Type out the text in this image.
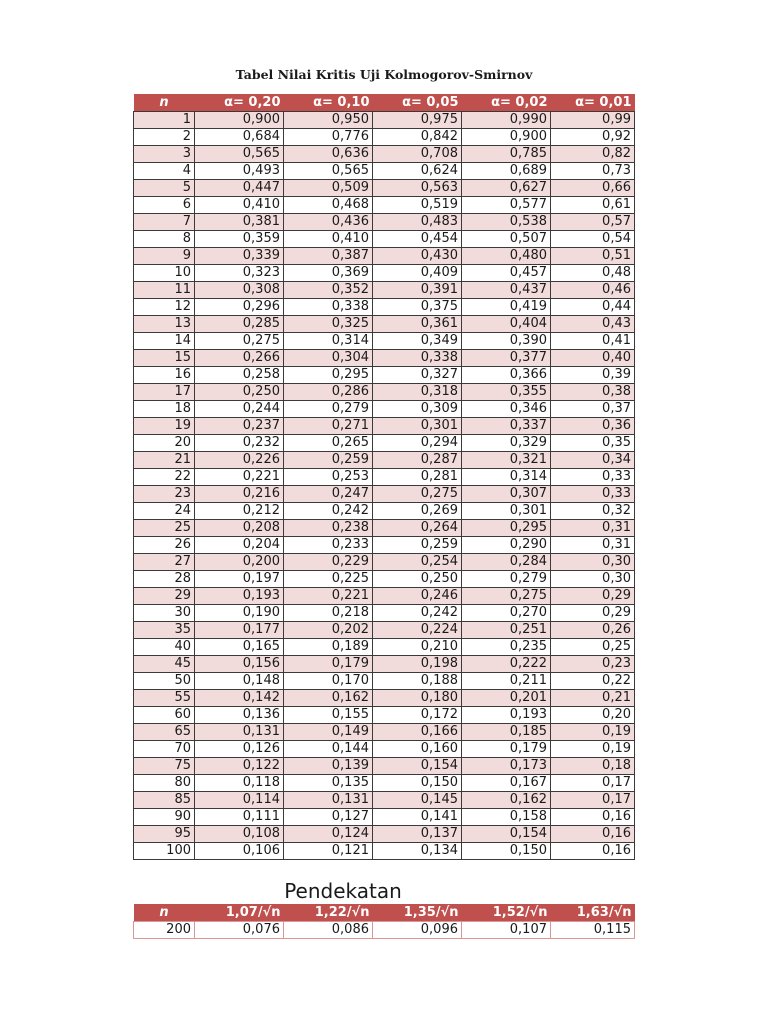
Tabel Nilai Kritis Uji Kolmogorov-Smirnov
n	α= 0,20	α= 0,10	α= 0,05	α= 0,02	α= 0,01
1	0,900	0,950	0,975	0,990	0,99
2	0,684	0,776	0,842	0,900	0,92
3	0,565	0,636	0,708	0,785	0,82
4	0,493	0,565	0,624	0,689	0,73
5	0,447	0,509	0,563	0,627	0,66
6	0,410	0,468	0,519	0,577	0,61
7	0,381	0,436	0,483	0,538	0,57
8	0,359	0,410	0,454	0,507	0,54
9	0,339	0,387	0,430	0,480	0,51
10	0,323	0,369	0,409	0,457	0,48
11	0,308	0,352	0,391	0,437	0,46
12	0,296	0,338	0,375	0,419	0,44
13	0,285	0,325	0,361	0,404	0,43
14	0,275	0,314	0,349	0,390	0,41
15	0,266	0,304	0,338	0,377	0,40
16	0,258	0,295	0,327	0,366	0,39
17	0,250	0,286	0,318	0,355	0,38
18	0,244	0,279	0,309	0,346	0,37
19	0,237	0,271	0,301	0,337	0,36
20	0,232	0,265	0,294	0,329	0,35
21	0,226	0,259	0,287	0,321	0,34
22	0,221	0,253	0,281	0,314	0,33
23	0,216	0,247	0,275	0,307	0,33
24	0,212	0,242	0,269	0,301	0,32
25	0,208	0,238	0,264	0,295	0,31
26	0,204	0,233	0,259	0,290	0,31
27	0,200	0,229	0,254	0,284	0,30
28	0,197	0,225	0,250	0,279	0,30
29	0,193	0,221	0,246	0,275	0,29
30	0,190	0,218	0,242	0,270	0,29
35	0,177	0,202	0,224	0,251	0,26
40	0,165	0,189	0,210	0,235	0,25
45	0,156	0,179	0,198	0,222	0,23
50	0,148	0,170	0,188	0,211	0,22
55	0,142	0,162	0,180	0,201	0,21
60	0,136	0,155	0,172	0,193	0,20
65	0,131	0,149	0,166	0,185	0,19
70	0,126	0,144	0,160	0,179	0,19
75	0,122	0,139	0,154	0,173	0,18
80	0,118	0,135	0,150	0,167	0,17
85	0,114	0,131	0,145	0,162	0,17
90	0,111	0,127	0,141	0,158	0,16
95	0,108	0,124	0,137	0,154	0,16
100	0,106	0,121	0,134	0,150	0,16
Pendekatan
n	1,07/√n	1,22/√n	1,35/√n	1,52/√n	1,63/√n
200	0,076	0,086	0,096	0,107	0,115
